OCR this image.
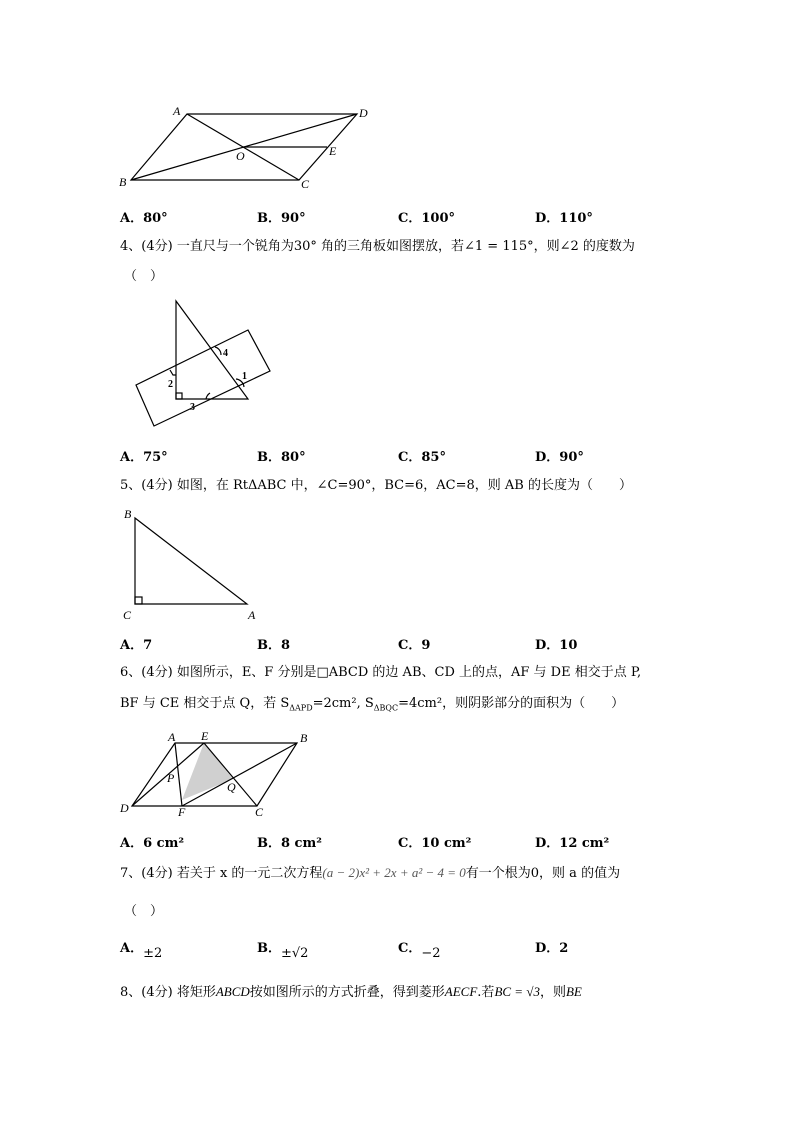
A	D
O	E
B	C
A．80°	B．90°	C．100°	D．110°
4、(4分) 一直尺与一个锐角为30° 角的三角板如图摆放，若∠1 = 115°，则∠2 的度数为
（　）
2
3
1
4
A．75°	B．80°	C．85°	D．90°
5、(4分) 如图，在 RtΔABC 中，∠C=90°，BC=6，AC=8，则 AB 的长度为（　　）
B
C	A
A．7	B．8	C．9	D．10
6、(4分) 如图所示，E、F 分别是□ABCD 的边 AB、CD 上的点，AF 与 DE 相交于点 P,
BF 与 CE 相交于点 Q，若 $S_{\Delta APD}=2cm^2$, $S_{\Delta BQC}=4cm^2$，则阴影部分的面积为（　　）
A E	B
P
Q
D	F	C
A．6 cm²	B．8 cm²	C．10 cm²	D．12 cm²
7、(4分) 若关于 x 的一元二次方程(a − 2)x² + 2x + a² − 4 = 0有一个根为0，则 a 的值为
（　）
A．±2	B．±√2	C．−2	D．2
8、(4分) 将矩形ABCD按如图所示的方式折叠，得到菱形AECF.若BC = √3，则BE
